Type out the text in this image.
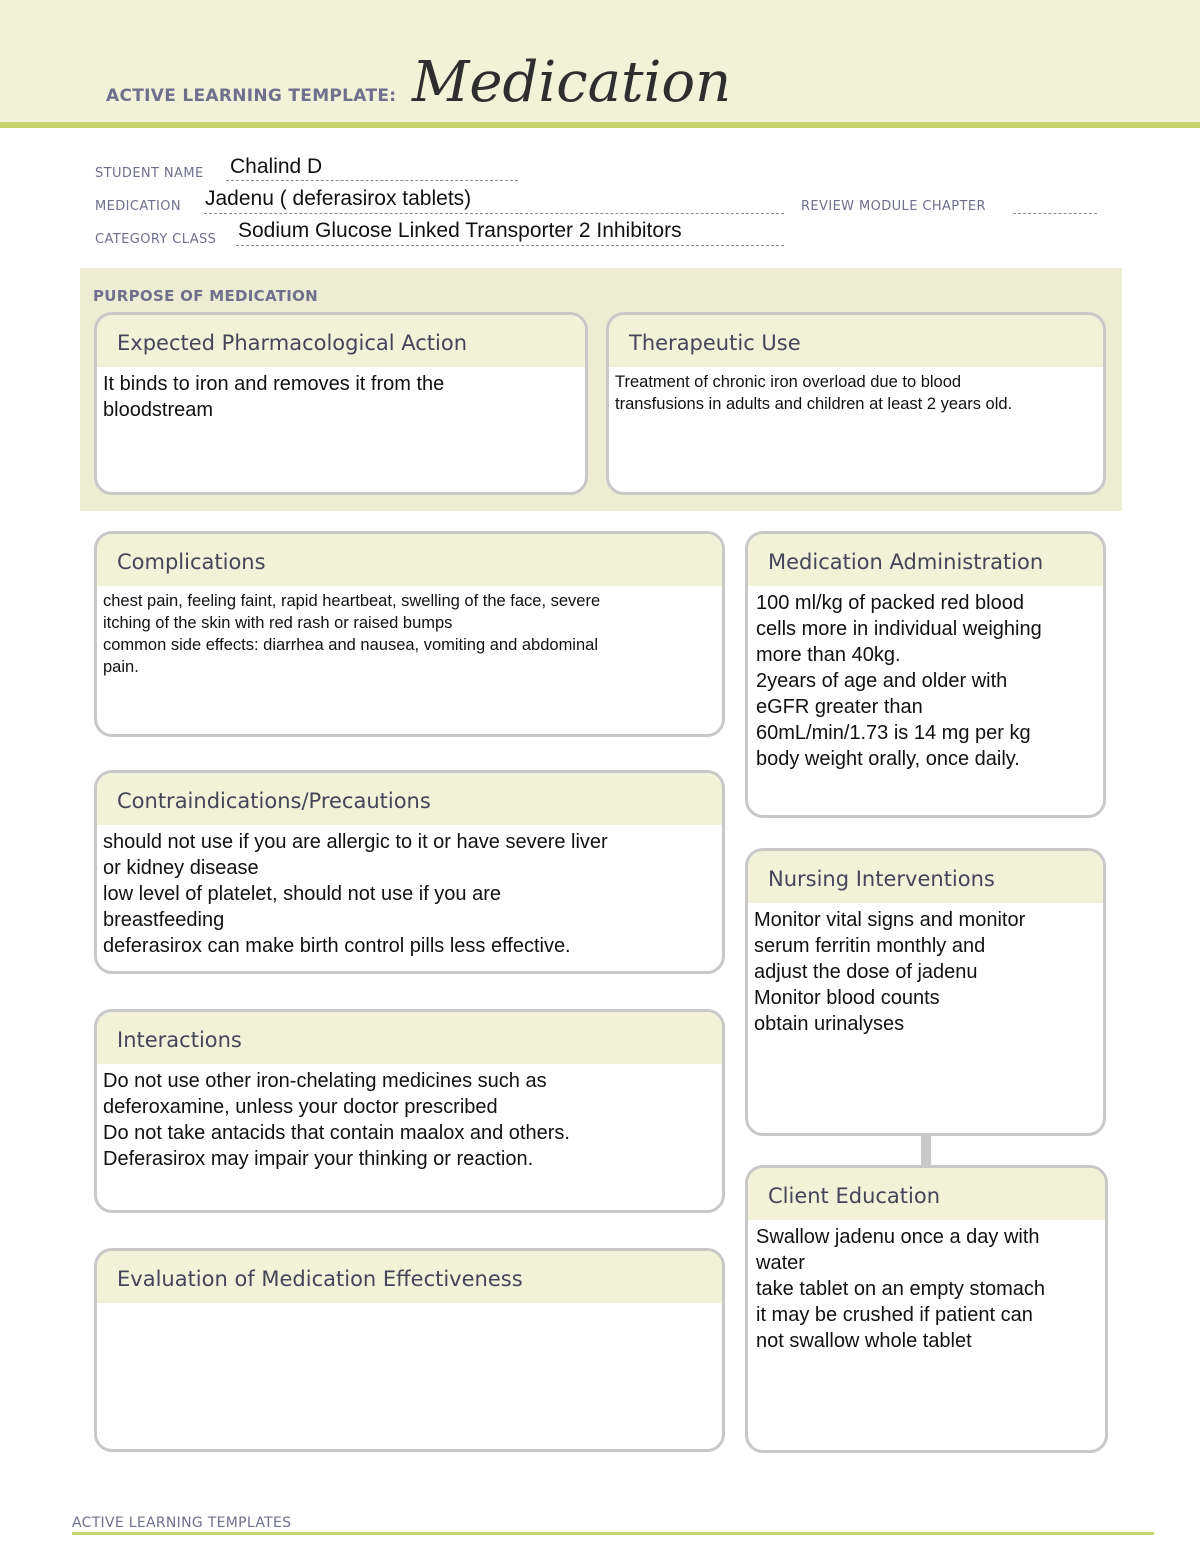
ACTIVE LEARNING TEMPLATE: Medication
STUDENT NAME Chalind D
MEDICATION Jadenu ( deferasirox tablets)	REVIEW MODULE CHAPTER
CATEGORY CLASS Sodium Glucose Linked Transporter 2 Inhibitors
PURPOSE OF MEDICATION
Expected Pharmacological Action
It binds to iron and removes it from the
bloodstream
Therapeutic Use
Treatment of chronic iron overload due to blood
transfusions in adults and children at least 2 years old.
Complications
chest pain, feeling faint, rapid heartbeat, swelling of the face, severe
itching of the skin with red rash or raised bumps
common side effects: diarrhea and nausea, vomiting and abdominal
pain.
Contraindications/Precautions
should not use if you are allergic to it or have severe liver
or kidney disease
low level of platelet, should not use if you are
breastfeeding
deferasirox can make birth control pills less effective.
Interactions
Do not use other iron-chelating medicines such as
deferoxamine, unless your doctor prescribed
Do not take antacids that contain maalox and others.
Deferasirox may impair your thinking or reaction.
Evaluation of Medication Effectiveness
Medication Administration
100 ml/kg of packed red blood
cells more in individual weighing
more than 40kg.
2years of age and older with
eGFR greater than
60mL/min/1.73 is 14 mg per kg
body weight orally, once daily.
Nursing Interventions
Monitor vital signs and monitor
serum ferritin monthly and
adjust the dose of jadenu
Monitor blood counts
obtain urinalyses
Client Education
Swallow jadenu once a day with
water
take tablet on an empty stomach
it may be crushed if patient can
not swallow whole tablet
ACTIVE LEARNING TEMPLATES
